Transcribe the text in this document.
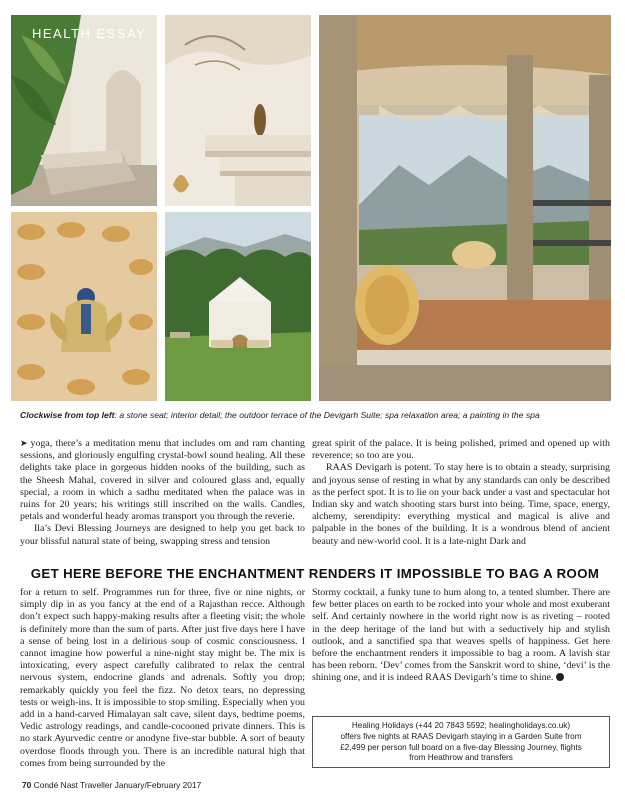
HEALTH ESSAY
Clockwise from top left: a stone seat; interior detail; the outdoor terrace of the Devigarh Suite; spa relaxation area; a painting in the spa

➤ yoga, there’s a meditation menu that includes om and ram chanting sessions, and gloriously engulfing crystal-bowl sound healing. All these delights take place in gorgeous hidden nooks of the building, such as the Sheesh Mahal, covered in silver and coloured glass and, equally special, a room in which a sadhu meditated when the palace was in ruins for 20 years; his writings still inscribed on the walls. Candles, petals and wonderful heady aromas transport you through the reverie.

Ila’s Devi Blessing Journeys are designed to help you get back to your blissful natural state of being, swapping stress and tension

great spirit of the palace. It is being polished, primed and opened up with reverence; so too are you.

RAAS Devigarh is potent. To stay here is to obtain a steady, surprising and joyous sense of resting in what by any standards can only be described as the perfect spot. It is to lie on your back under a vast and spectacular hot Indian sky and watch shooting stars burst into being. Time, space, energy, alchemy, serendipity: everything mystical and magical is alive and palpable in the bones of the building. It is a wondrous blend of ancient beauty and new-world cool. It is a late-night Dark and

GET HERE BEFORE THE ENCHANTMENT RENDERS IT IMPOSSIBLE TO BAG A ROOM

for a return to self. Programmes run for three, five or nine nights, or simply dip in as you fancy at the end of a Rajasthan recce. Although don’t expect such happy-making results after a fleeting visit; the whole is definitely more than the sum of parts. After just five days here I have a sense of being lost in a delirious soup of cosmic consciousness. I cannot imagine how powerful a nine-night stay might be. The mix is intoxicating, every aspect carefully calibrated to relax the central nervous system, endocrine glands and adrenals. Softly you drop; remarkably quickly you feel the fizz. No detox tears, no depressing tests or weigh-ins. It is impossible to stop smiling. Especially when you add in a hand-carved Himalayan salt cave, silent days, bedtime poems, Vedic astrology readings, and candle-cocooned private dinners. This is no stark Ayurvedic centre or anodyne five-star bubble. A sort of beauty overdose floods through you. There is an incredible natural high that comes from being surrounded by the

Stormy cocktail, a funky tune to hum along to, a tented slumber. There are few better places on earth to be rocked into your whole and most exuberant self. And certainly nowhere in the world right now is as riveting – rooted in the deep heritage of the land but with a seductively hip and stylish outlook, and a sanctified spa that weaves spells of happiness. Get here before the enchantment renders it impossible to bag a room. A lavish star has been reborn. ‘Dev’ comes from the Sanskrit word to shine, ‘devi’ is the shining one, and it is indeed RAAS Devigarh’s time to shine.

Healing Holidays (+44 20 7843 5592; healingholidays.co.uk)
offers five nights at RAAS Devigarh staying in a Garden Suite from
£2,499 per person full board on a five-day Blessing Journey, flights
from Heathrow and transfers
70 Condé Nast Traveller January/February 2017
